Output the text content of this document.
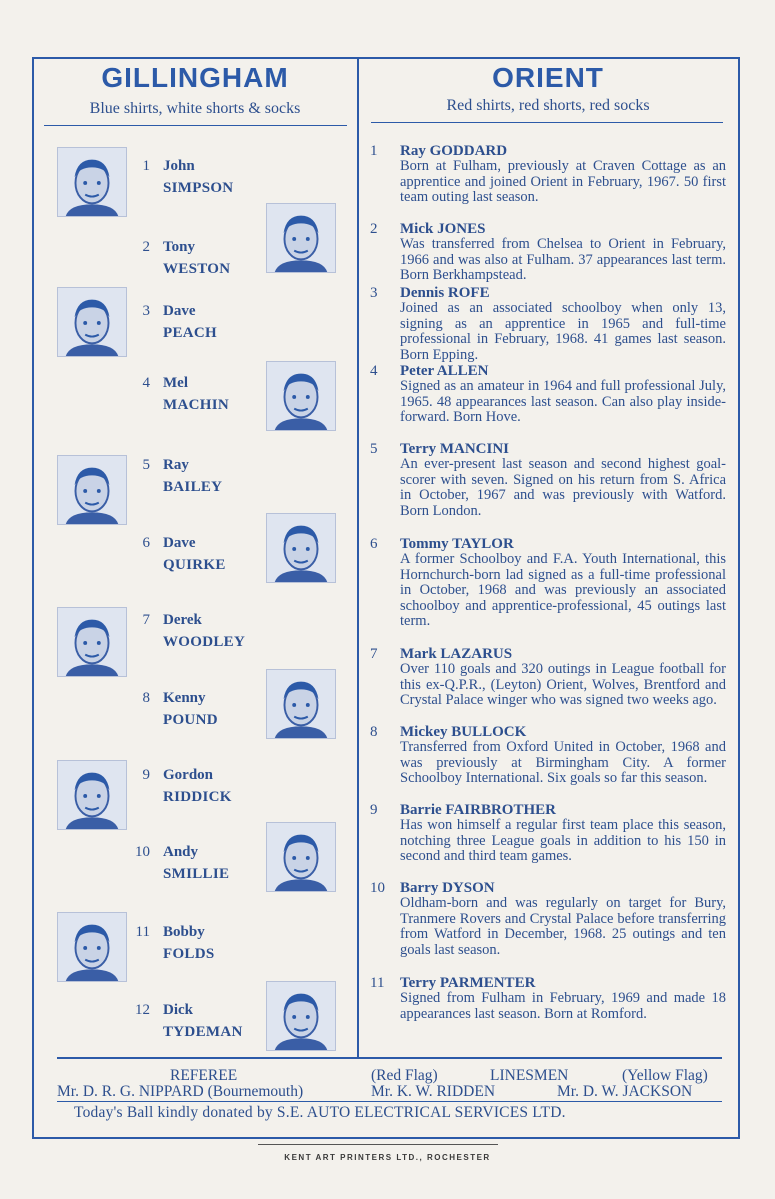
GILLINGHAM
Blue shirts, white shorts & socks
ORIENT
Red shirts, red shorts, red socks
1 John
SIMPSON
2 Tony
WESTON
3 Dave
PEACH
4 Mel
MACHIN
5 Ray
BAILEY
6 Dave
QUIRKE
7 Derek
WOODLEY
8 Kenny
POUND
9 Gordon
RIDDICK
10 Andy
SMILLIE
11 Bobby
FOLDS
12 Dick
TYDEMAN
1 Ray GODDARD
Born at Fulham, previously at Craven Cottage as an apprentice and joined Orient in February, 1967. 50 first team outing last season.
2 Mick JONES
Was transferred from Chelsea to Orient in February, 1966 and was also at Fulham. 37 appearances last term. Born Berkhampstead.
3 Dennis ROFE
Joined as an associated schoolboy when only 13, signing as an apprentice in 1965 and full-time professional in February, 1968. 41 games last season. Born Epping.
4 Peter ALLEN
Signed as an amateur in 1964 and full professional July, 1965. 48 appearances last season. Can also play inside-forward. Born Hove.
5 Terry MANCINI
An ever-present last season and second highest goal-scorer with seven. Signed on his return from S. Africa in October, 1967 and was previously with Watford. Born London.
6 Tommy TAYLOR
A former Schoolboy and F.A. Youth International, this Hornchurch-born lad signed as a full-time professional in October, 1968 and was previously an associated schoolboy and apprentice-professional, 45 outings last term.
7 Mark LAZARUS
Over 110 goals and 320 outings in League football for this ex-Q.P.R., (Leyton) Orient, Wolves, Brentford and Crystal Palace winger who was signed two weeks ago.
8 Mickey BULLOCK
Transferred from Oxford United in October, 1968 and was previously at Birmingham City. A former Schoolboy International. Six goals so far this season.
9 Barrie FAIRBROTHER
Has won himself a regular first team place this season, notching three League goals in addition to his 150 in second and third team games.
10 Barry DYSON
Oldham-born and was regularly on target for Bury, Tranmere Rovers and Crystal Palace before transferring from Watford in December, 1968. 25 outings and ten goals last season.
11 Terry PARMENTER
Signed from Fulham in February, 1969 and made 18 appearances last season. Born at Romford.
REFEREE	(Red Flag)	LINESMEN	(Yellow Flag)
Mr. D. R. G. NIPPARD (Bournemouth)	Mr. K. W. RIDDEN	Mr. D. W. JACKSON
Today's Ball kindly donated by S.E. AUTO ELECTRICAL SERVICES LTD.
KENT ART PRINTERS LTD., ROCHESTER
